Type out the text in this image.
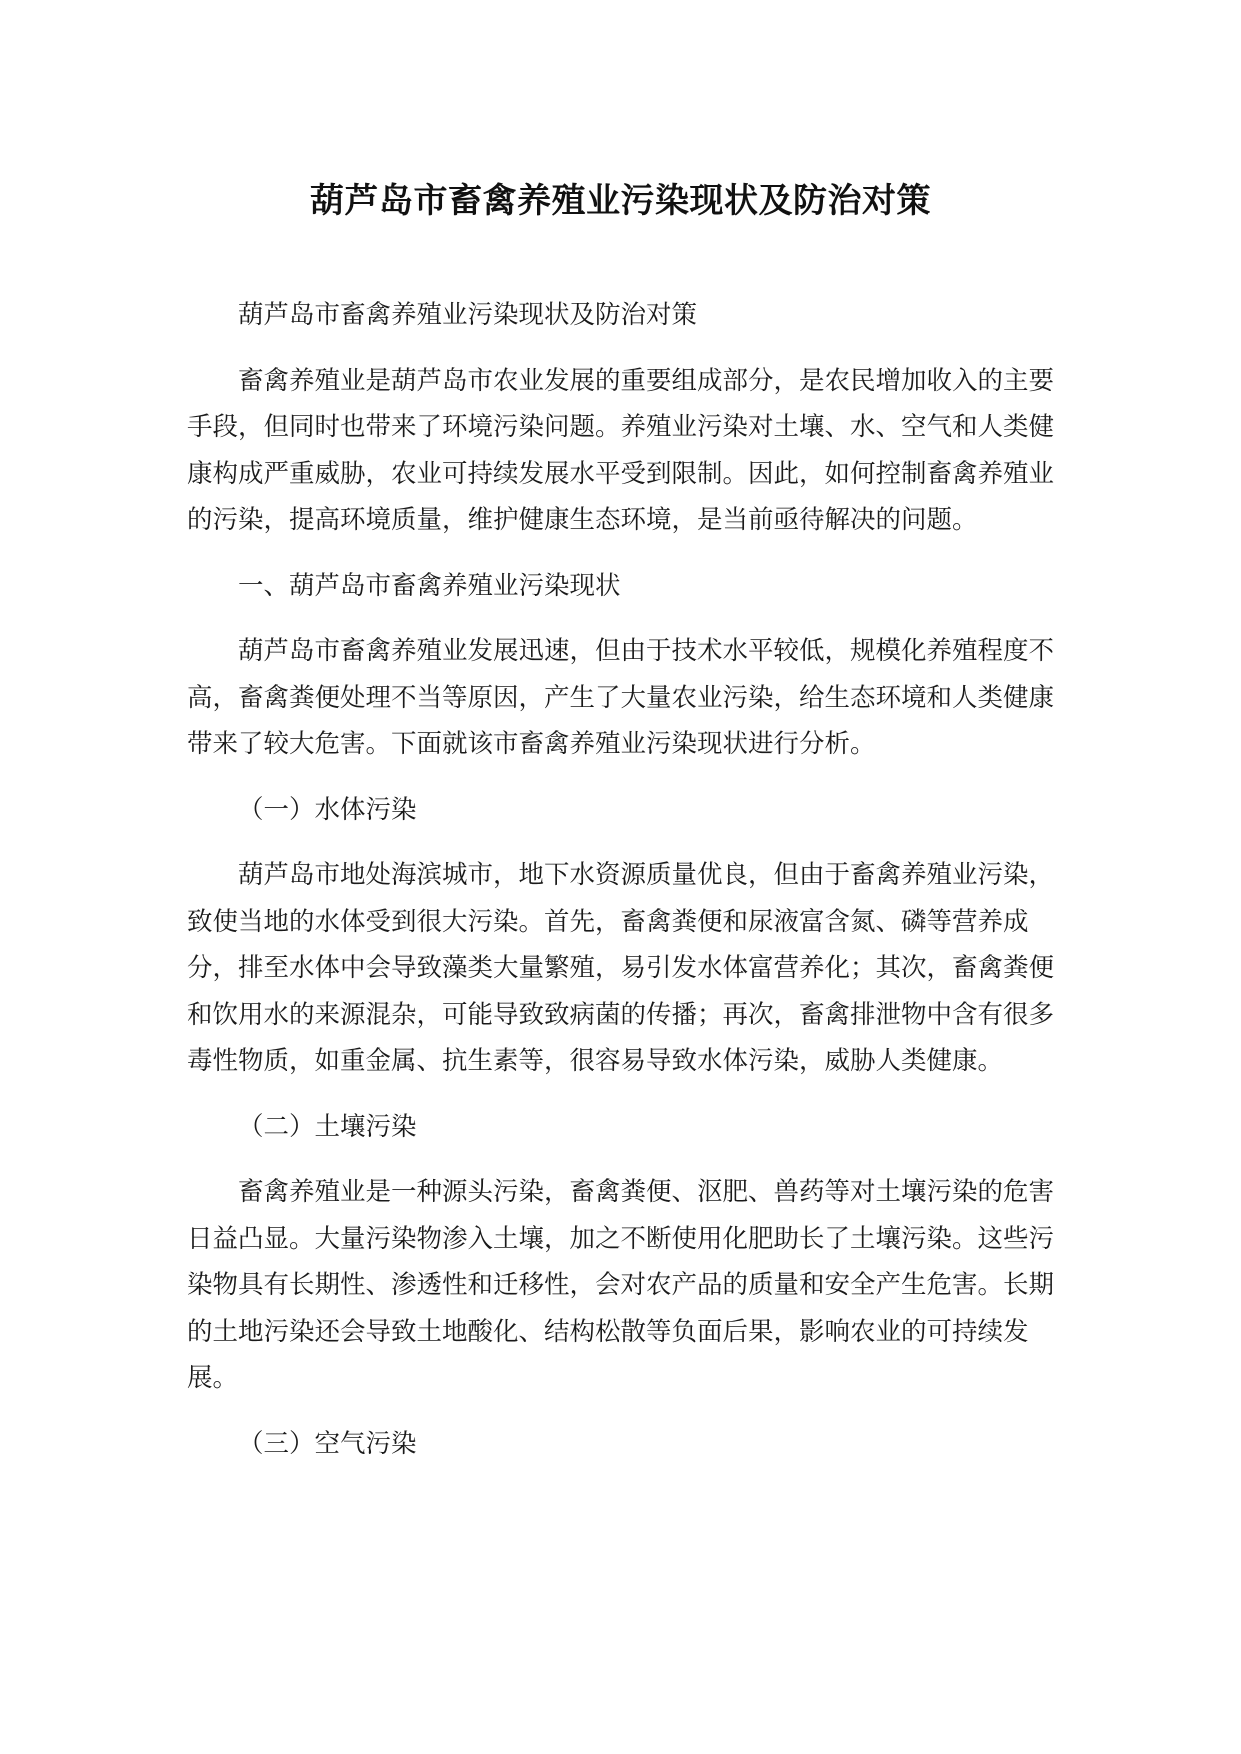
葫芦岛市畜禽养殖业污染现状及防治对策

葫芦岛市畜禽养殖业污染现状及防治对策

畜禽养殖业是葫芦岛市农业发展的重要组成部分，是农民增加收入的主要手段，但同时也带来了环境污染问题。养殖业污染对土壤、水、空气和人类健康构成严重威胁，农业可持续发展水平受到限制。因此，如何控制畜禽养殖业的污染，提高环境质量，维护健康生态环境，是当前亟待解决的问题。

一、葫芦岛市畜禽养殖业污染现状

葫芦岛市畜禽养殖业发展迅速，但由于技术水平较低，规模化养殖程度不高，畜禽粪便处理不当等原因，产生了大量农业污染，给生态环境和人类健康带来了较大危害。下面就该市畜禽养殖业污染现状进行分析。

（一）水体污染

葫芦岛市地处海滨城市，地下水资源质量优良，但由于畜禽养殖业污染，致使当地的水体受到很大污染。首先，畜禽粪便和尿液富含氮、磷等营养成分，排至水体中会导致藻类大量繁殖，易引发水体富营养化；其次，畜禽粪便和饮用水的来源混杂，可能导致致病菌的传播；再次，畜禽排泄物中含有很多毒性物质，如重金属、抗生素等，很容易导致水体污染，威胁人类健康。

（二）土壤污染

畜禽养殖业是一种源头污染，畜禽粪便、沤肥、兽药等对土壤污染的危害日益凸显。大量污染物渗入土壤，加之不断使用化肥助长了土壤污染。这些污染物具有长期性、渗透性和迁移性，会对农产品的质量和安全产生危害。长期的土地污染还会导致土地酸化、结构松散等负面后果，影响农业的可持续发展。

（三）空气污染
